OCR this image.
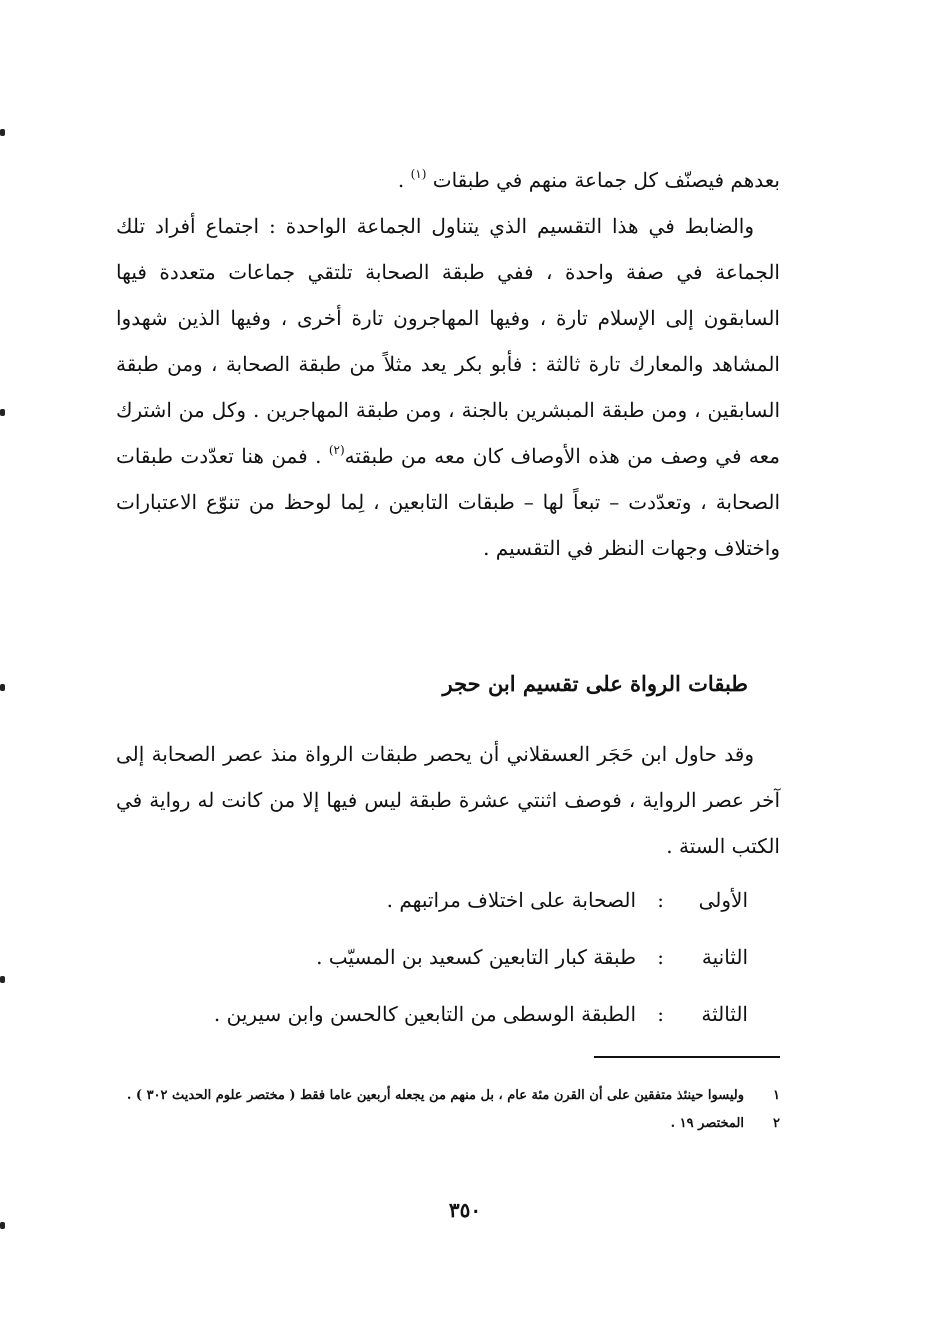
بعدهم فيصنّف كل جماعة منهم في طبقات $^{(١)}$ .

والضابط في هذا التقسيم الذي يتناول الجماعة الواحدة : اجتماع أفراد تلك الجماعة في صفة واحدة ، ففي طبقة الصحابة تلتقي جماعات متعددة فيها السابقون إلى الإسلام تارة ، وفيها المهاجرون تارة أخرى ، وفيها الذين شهدوا المشاهد والمعارك تارة ثالثة : فأبو بكر يعد مثلاً من طبقة الصحابة ، ومن طبقة السابقين ، ومن طبقة المبشرين بالجنة ، ومن طبقة المهاجرين . وكل من اشترك معه في وصف من هذه الأوصاف كان معه من طبقته$^{(٢)}$ . فمن هنا تعدّدت طبقات الصحابة ، وتعدّدت – تبعاً لها – طبقات التابعين ، لِما لوحظ من تنوّع الاعتبارات واختلاف وجهات النظر في التقسيم .

طبقات الرواة على تقسيم ابن حجر

وقد حاول ابن حَجَر العسقلاني أن يحصر طبقات الرواة منذ عصر الصحابة إلى آخر عصر الرواية ، فوصف اثنتي عشرة طبقة ليس فيها إلا من كانت له رواية في الكتب الستة .

الأولى
:
الصحابة على اختلاف مراتبهم .
الثانية
:
طبقة كبار التابعين كسعيد بن المسيّب .
الثالثة
:
الطبقة الوسطى من التابعين كالحسن وابن سيرين .
١
وليسوا حينئذ متفقين على أن القرن مئة عام ، بل منهم من يجعله أربعين عاما فقط ( مختصر علوم الحديث ٣٠٢ ) .
٢
المختصر ١٩ .
٣٥٠
